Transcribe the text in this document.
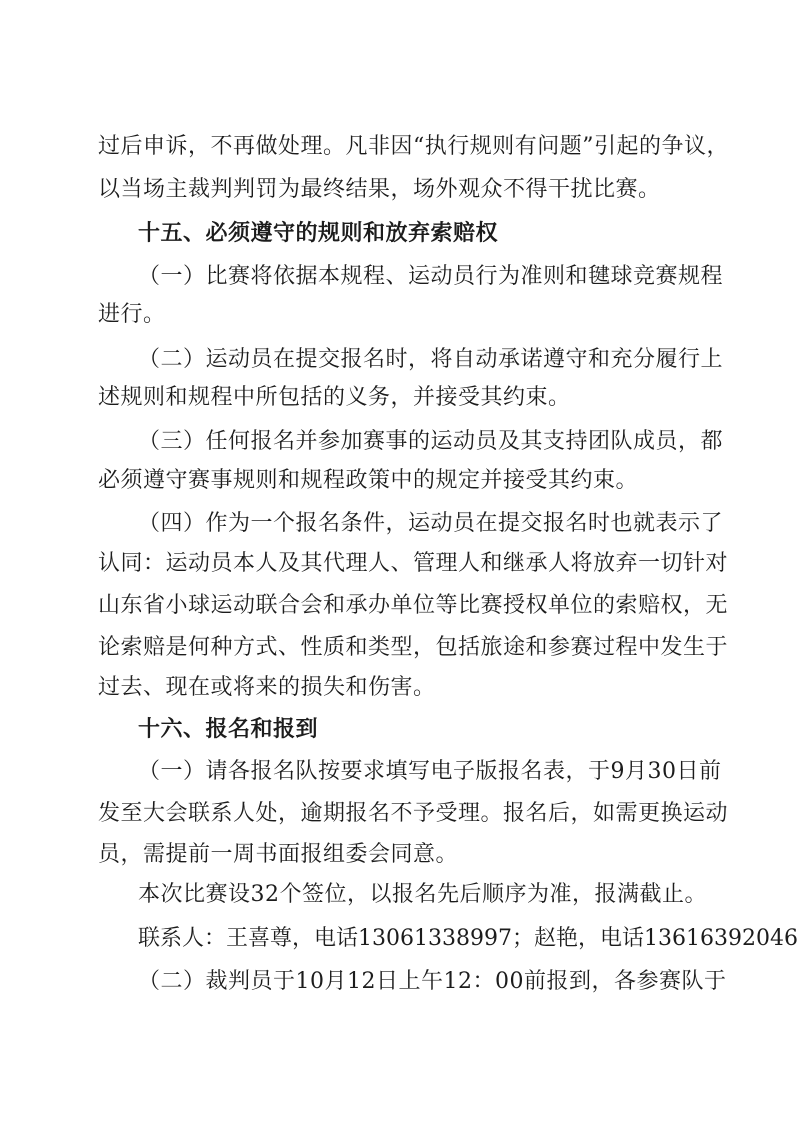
过后申诉，不再做处理。凡非因“执行规则有问题”引起的争议，
以当场主裁判判罚为最终结果，场外观众不得干扰比赛。
十五、必须遵守的规则和放弃索赔权
（一）比赛将依据本规程、运动员行为准则和毽球竞赛规程
进行。
（二）运动员在提交报名时，将自动承诺遵守和充分履行上
述规则和规程中所包括的义务，并接受其约束。
（三）任何报名并参加赛事的运动员及其支持团队成员，都
必须遵守赛事规则和规程政策中的规定并接受其约束。
（四）作为一个报名条件，运动员在提交报名时也就表示了
认同：运动员本人及其代理人、管理人和继承人将放弃一切针对
山东省小球运动联合会和承办单位等比赛授权单位的索赔权，无
论索赔是何种方式、性质和类型，包括旅途和参赛过程中发生于
过去、现在或将来的损失和伤害。
十六、报名和报到
（一）请各报名队按要求填写电子版报名表，于9月30日前
发至大会联系人处，逾期报名不予受理。报名后，如需更换运动
员，需提前一周书面报组委会同意。
本次比赛设32个签位，以报名先后顺序为准，报满截止。
联系人：王喜尊，电话13061338997；赵艳，电话13616392046
（二）裁判员于10月12日上午12：00前报到，各参赛队于
